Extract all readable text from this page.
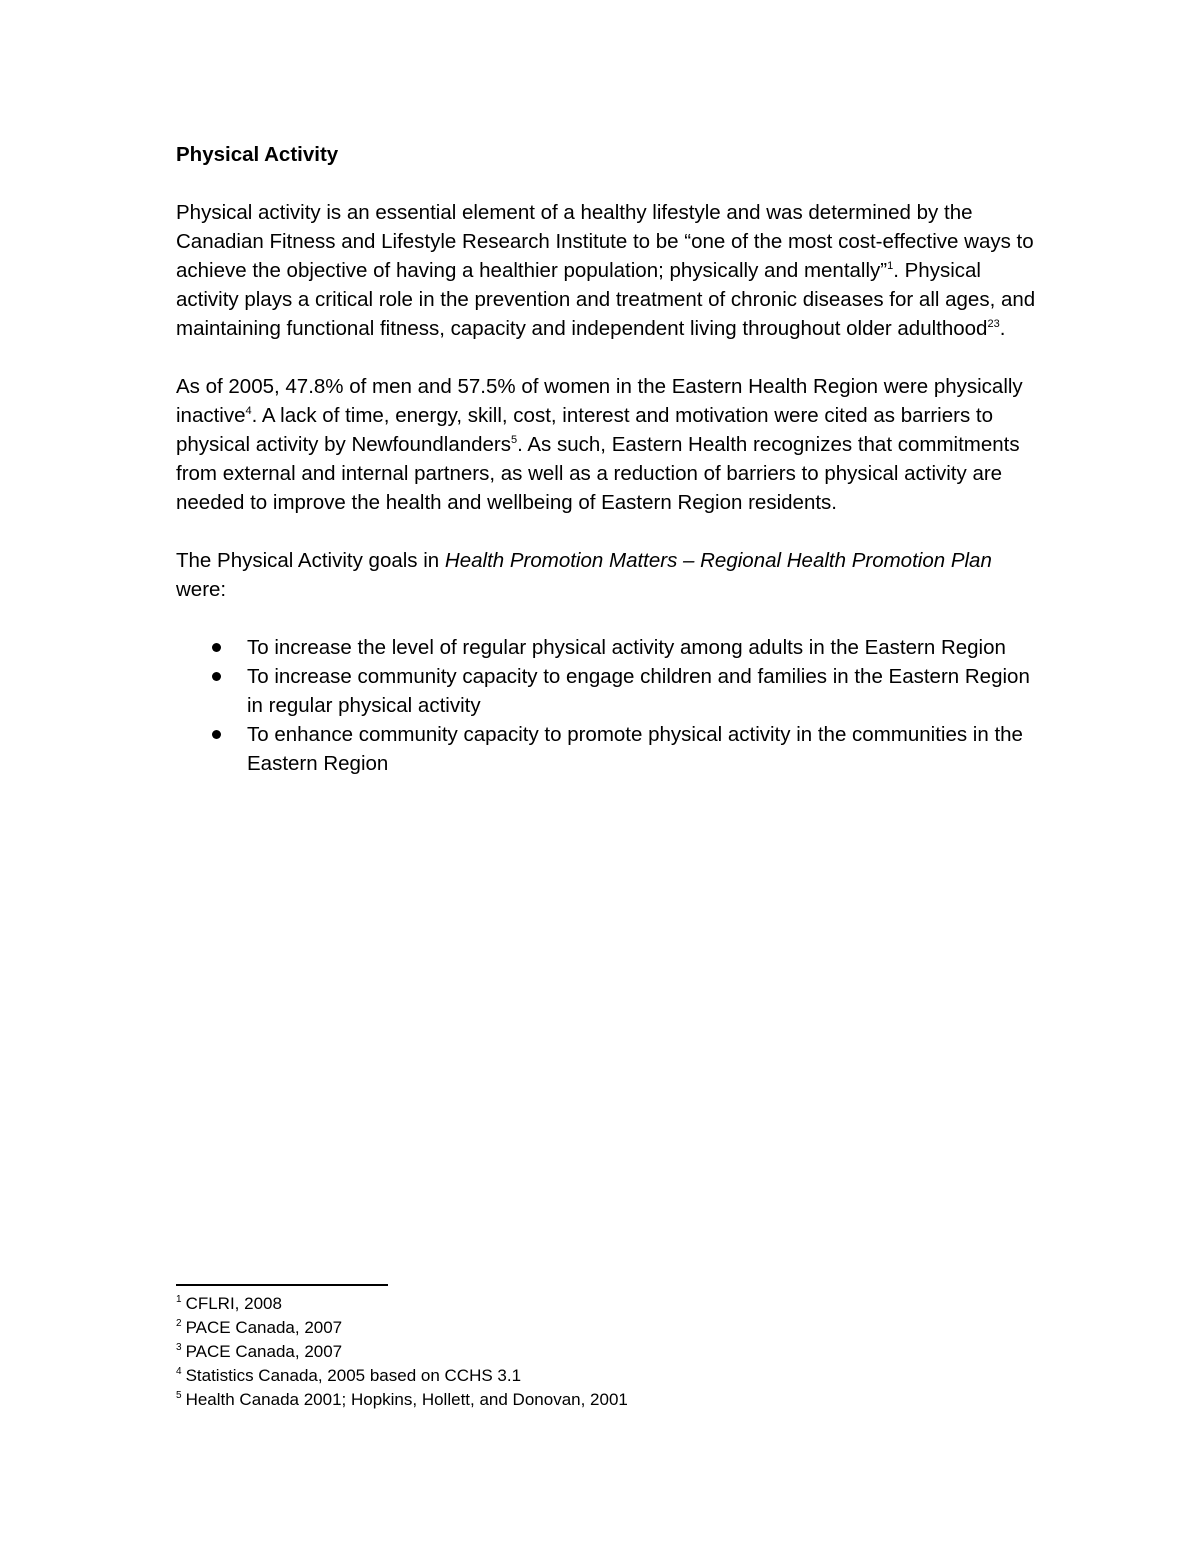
Physical Activity

Physical activity is an essential element of a healthy lifestyle and was determined by the Canadian Fitness and Lifestyle Research Institute to be “one of the most cost-effective ways to achieve the objective of having a healthier population; physically and mentally”$^1$. Physical activity plays a critical role in the prevention and treatment of chronic diseases for all ages, and maintaining functional fitness, capacity and independent living throughout older adulthood$^{23}$.

As of 2005, 47.8% of men and 57.5% of women in the Eastern Health Region were physically inactive$^4$. A lack of time, energy, skill, cost, interest and motivation were cited as barriers to physical activity by Newfoundlanders$^5$. As such, Eastern Health recognizes that commitments from external and internal partners, as well as a reduction of barriers to physical activity are needed to improve the health and wellbeing of Eastern Region residents.

The Physical Activity goals in Health Promotion Matters – Regional Health Promotion Plan were:

To increase the level of regular physical activity among adults in the Eastern Region
To increase community capacity to engage children and families in the Eastern Region in regular physical activity
To enhance community capacity to promote physical activity in the communities in the Eastern Region

$^1$ CFLRI, 2008

$^2$ PACE Canada, 2007

$^3$ PACE Canada, 2007

$^4$ Statistics Canada, 2005 based on CCHS 3.1

$^5$ Health Canada 2001; Hopkins, Hollett, and Donovan, 2001
